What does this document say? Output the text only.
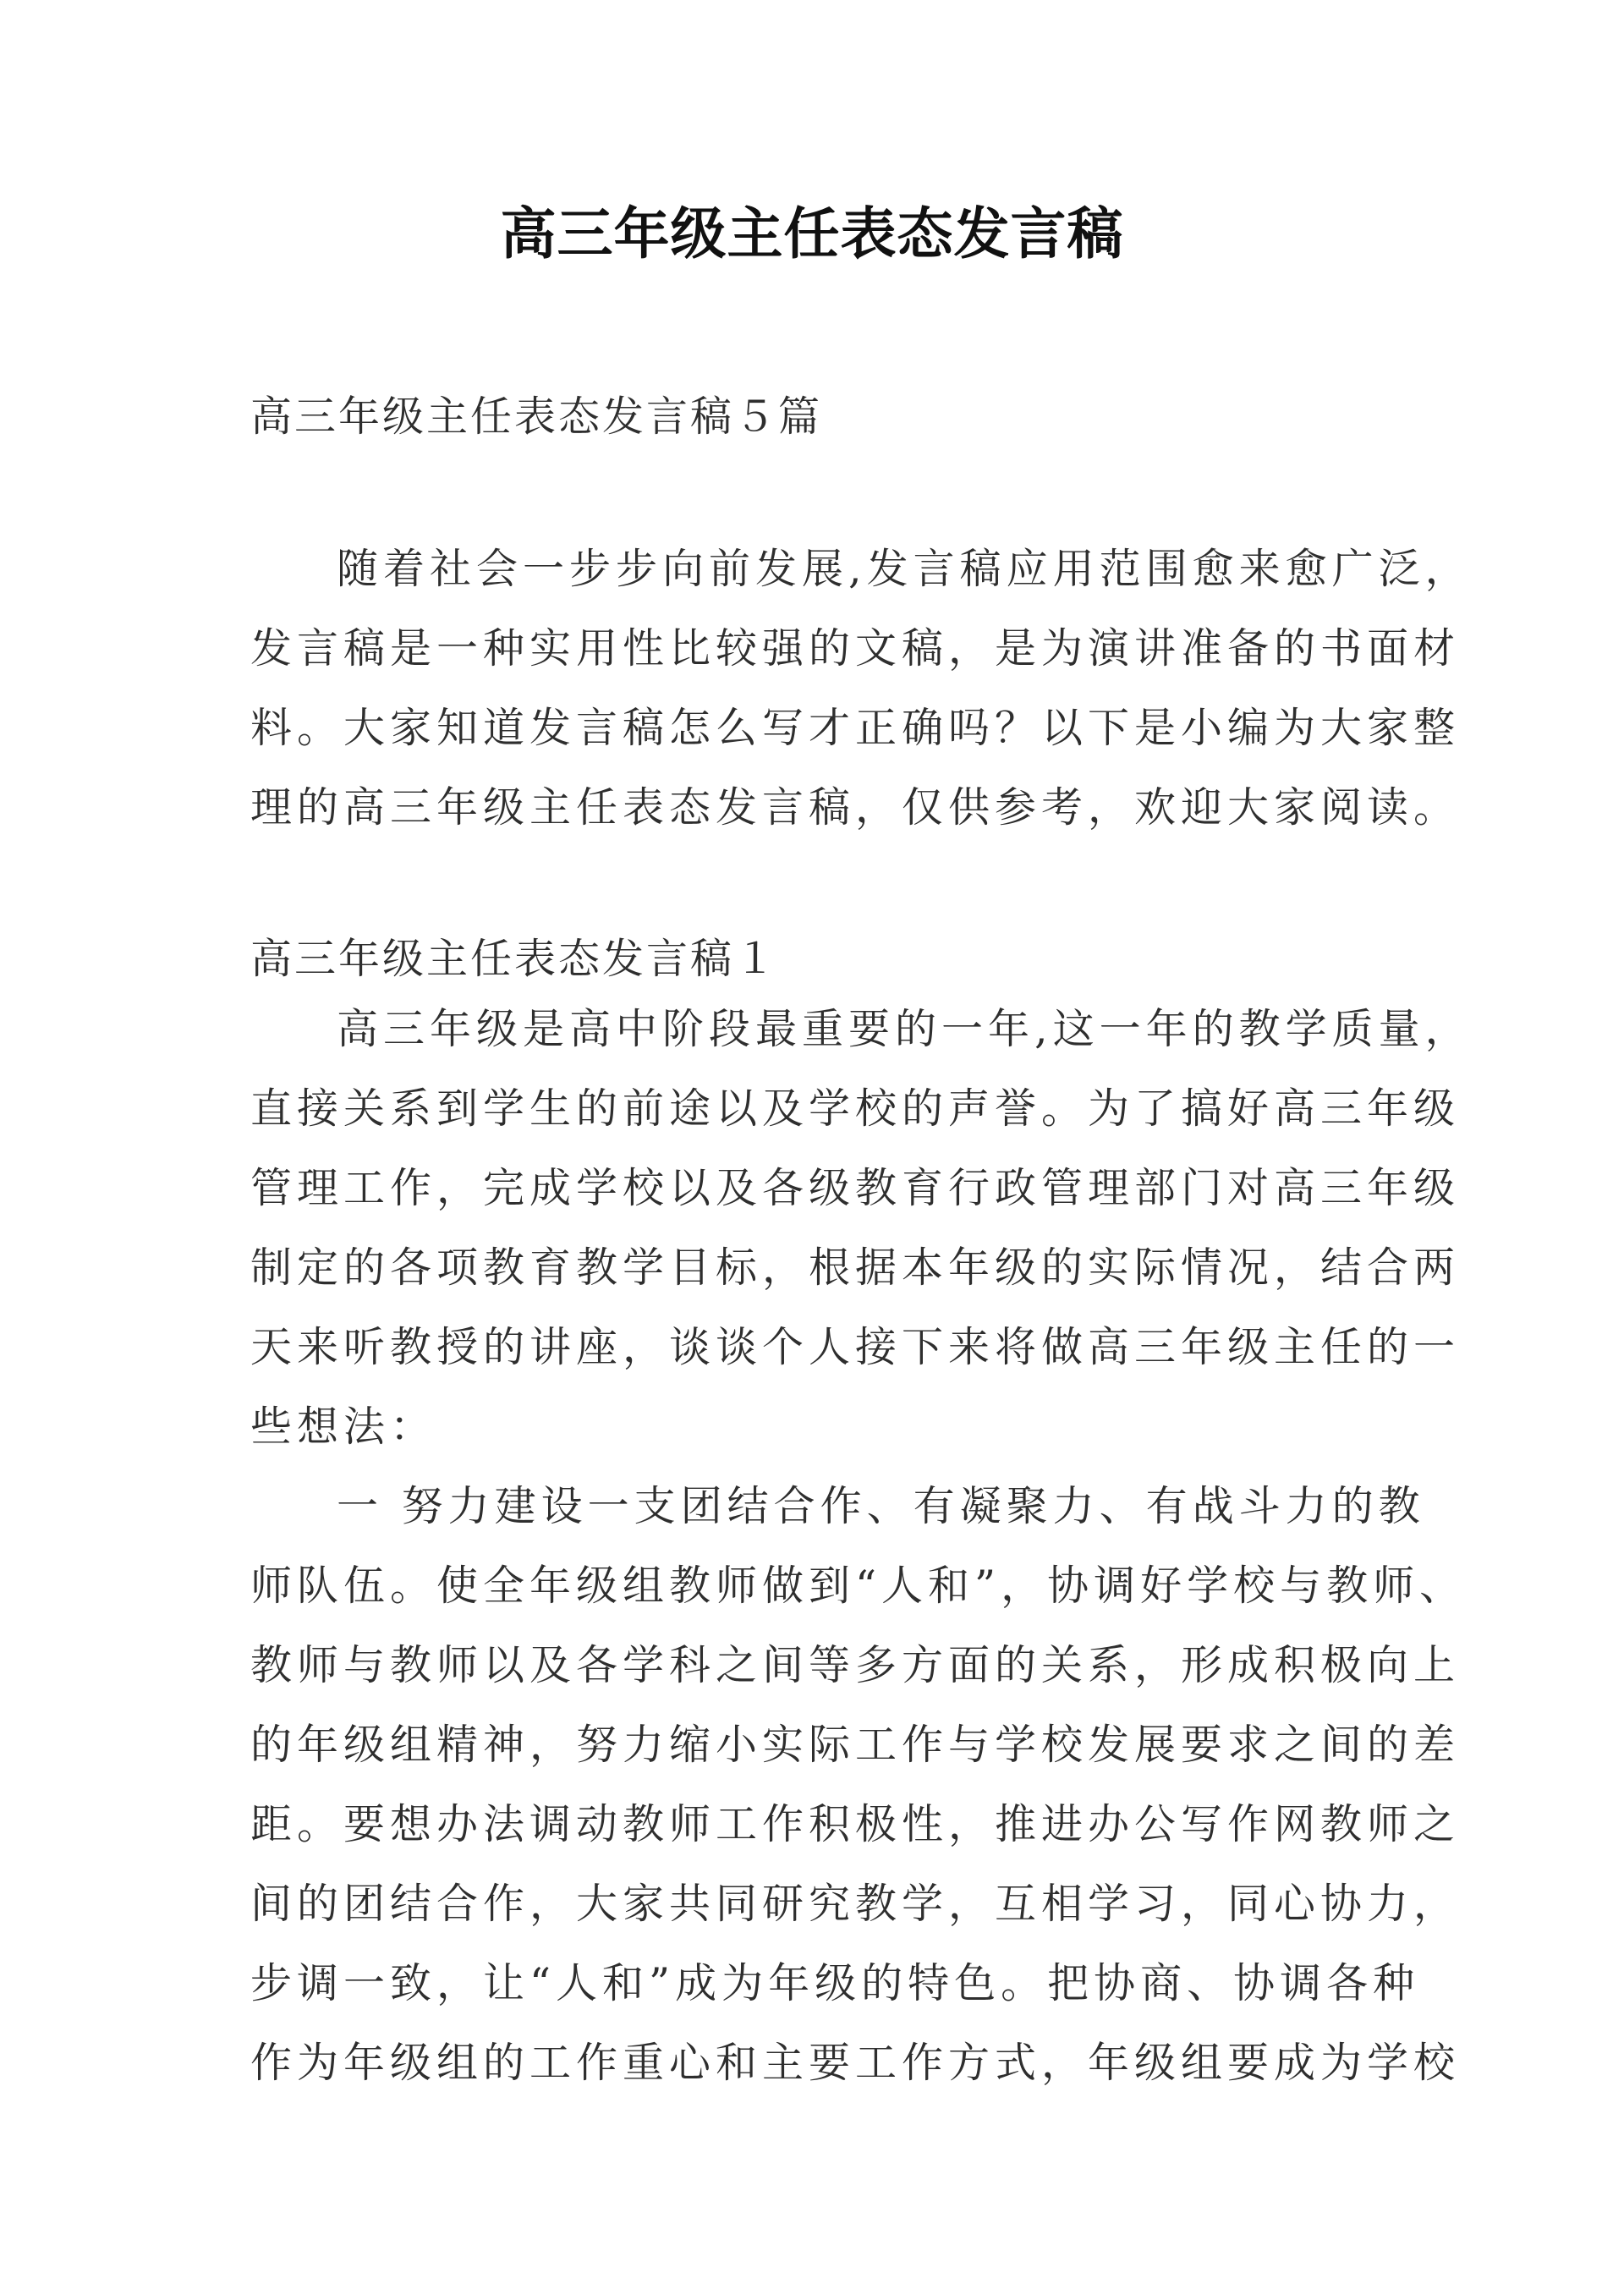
高三年级主任表态发言稿
高三年级主任表态发言稿５篇
随着社会一步步向前发展,发言稿应用范围愈来愈广泛，
发言稿是一种实用性比较强的文稿，是为演讲准备的书面材
料。大家知道发言稿怎么写才正确吗？以下是小编为大家整
理的高三年级主任表态发言稿，仅供参考，欢迎大家阅读。
高三年级主任表态发言稿１
高三年级是高中阶段最重要的一年,这一年的教学质量，
直接关系到学生的前途以及学校的声誉。为了搞好高三年级
管理工作，完成学校以及各级教育行政管理部门对高三年级
制定的各项教育教学目标，根据本年级的实际情况，结合两
天来听教授的讲座，谈谈个人接下来将做高三年级主任的一
些想法：
一 努力建设一支团结合作、有凝聚力、有战斗力的教
师队伍。使全年级组教师做到“人和”，协调好学校与教师、
教师与教师以及各学科之间等多方面的关系，形成积极向上
的年级组精神，努力缩小实际工作与学校发展要求之间的差
距。要想办法调动教师工作积极性，推进办公写作网教师之
间的团结合作，大家共同研究教学，互相学习，同心协力，
步调一致，让“人和”成为年级的特色。把协商、协调各种
作为年级组的工作重心和主要工作方式，年级组要成为学校
